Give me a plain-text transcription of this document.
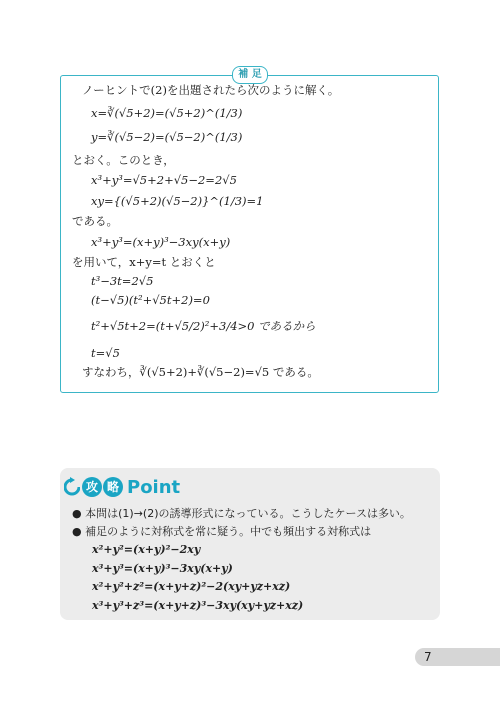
補 足
ノーヒントで(2)を出題されたら次のように解く。
x=∛(√5+2)=(√5+2)^(1/3)
y=∛(√5−2)=(√5−2)^(1/3)
とおく。このとき，
x³+y³=√5+2+√5−2=2√5
xy={(√5+2)(√5−2)}^(1/3)=1
である。
x³+y³=(x+y)³−3xy(x+y)
を用いて，x+y=t とおくと
t³−3t=2√5
(t−√5)(t²+√5t+2)=0
t²+√5t+2=(t+√5/2)²+3/4>0 であるから
t=√5
すなわち，∛(√5+2)+∛(√5−2)=√5 である。
攻 略 Point
● 本問は(1)→(2)の誘導形式になっている。こうしたケースは多い。
● 補足のように対称式を常に疑う。中でも頻出する対称式は
x²+y²=(x+y)²−2xy
x³+y³=(x+y)³−3xy(x+y)
x²+y²+z²=(x+y+z)²−2(xy+yz+xz)
x³+y³+z³=(x+y+z)³−3xy(xy+yz+xz)
7
